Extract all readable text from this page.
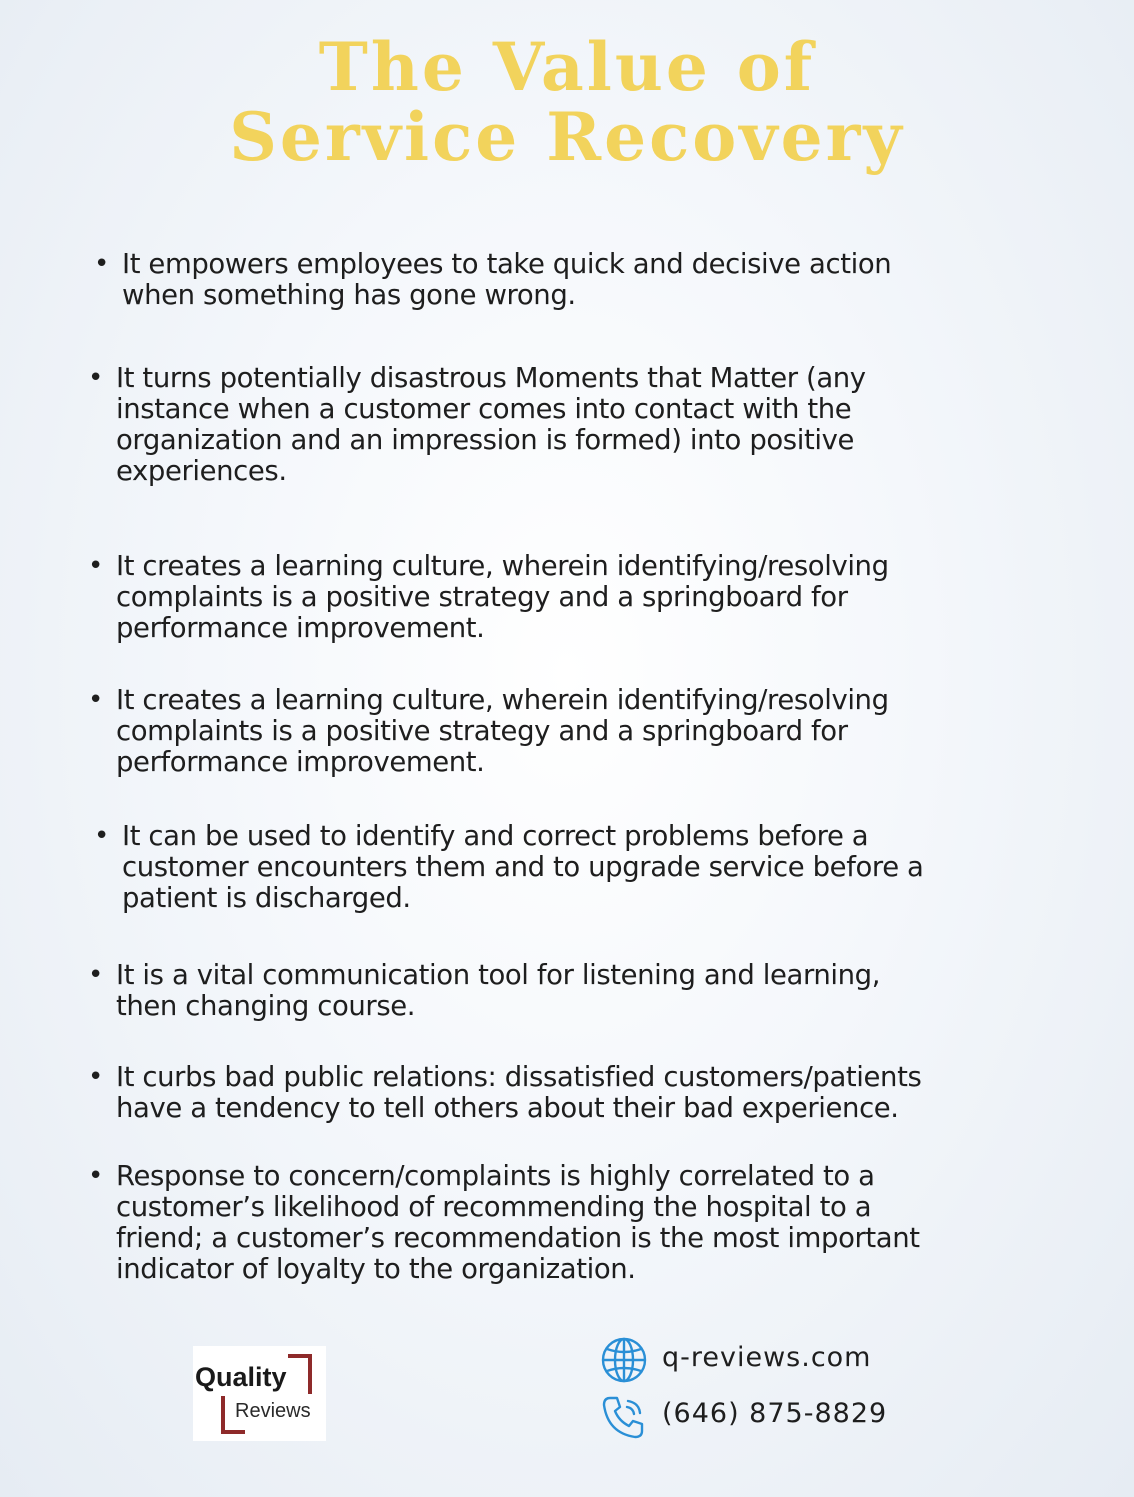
The Value of
Service Recovery
• It empowers employees to take quick and decisive action
when something has gone wrong.
• It turns potentially disastrous Moments that Matter (any
instance when a customer comes into contact with the
organization and an impression is formed) into positive
experiences.
• It creates a learning culture, wherein identifying/resolving
complaints is a positive strategy and a springboard for
performance improvement.
• It creates a learning culture, wherein identifying/resolving
complaints is a positive strategy and a springboard for
performance improvement.
• It can be used to identify and correct problems before a
customer encounters them and to upgrade service before a
patient is discharged.
• It is a vital communication tool for listening and learning,
then changing course.
• It curbs bad public relations: dissatisfied customers/patients
have a tendency to tell others about their bad experience.
• Response to concern/complaints is highly correlated to a
customer’s likelihood of recommending the hospital to a
friend; a customer’s recommendation is the most important
indicator of loyalty to the organization.
Quality
Reviews
q-reviews.com
(646) 875-8829
